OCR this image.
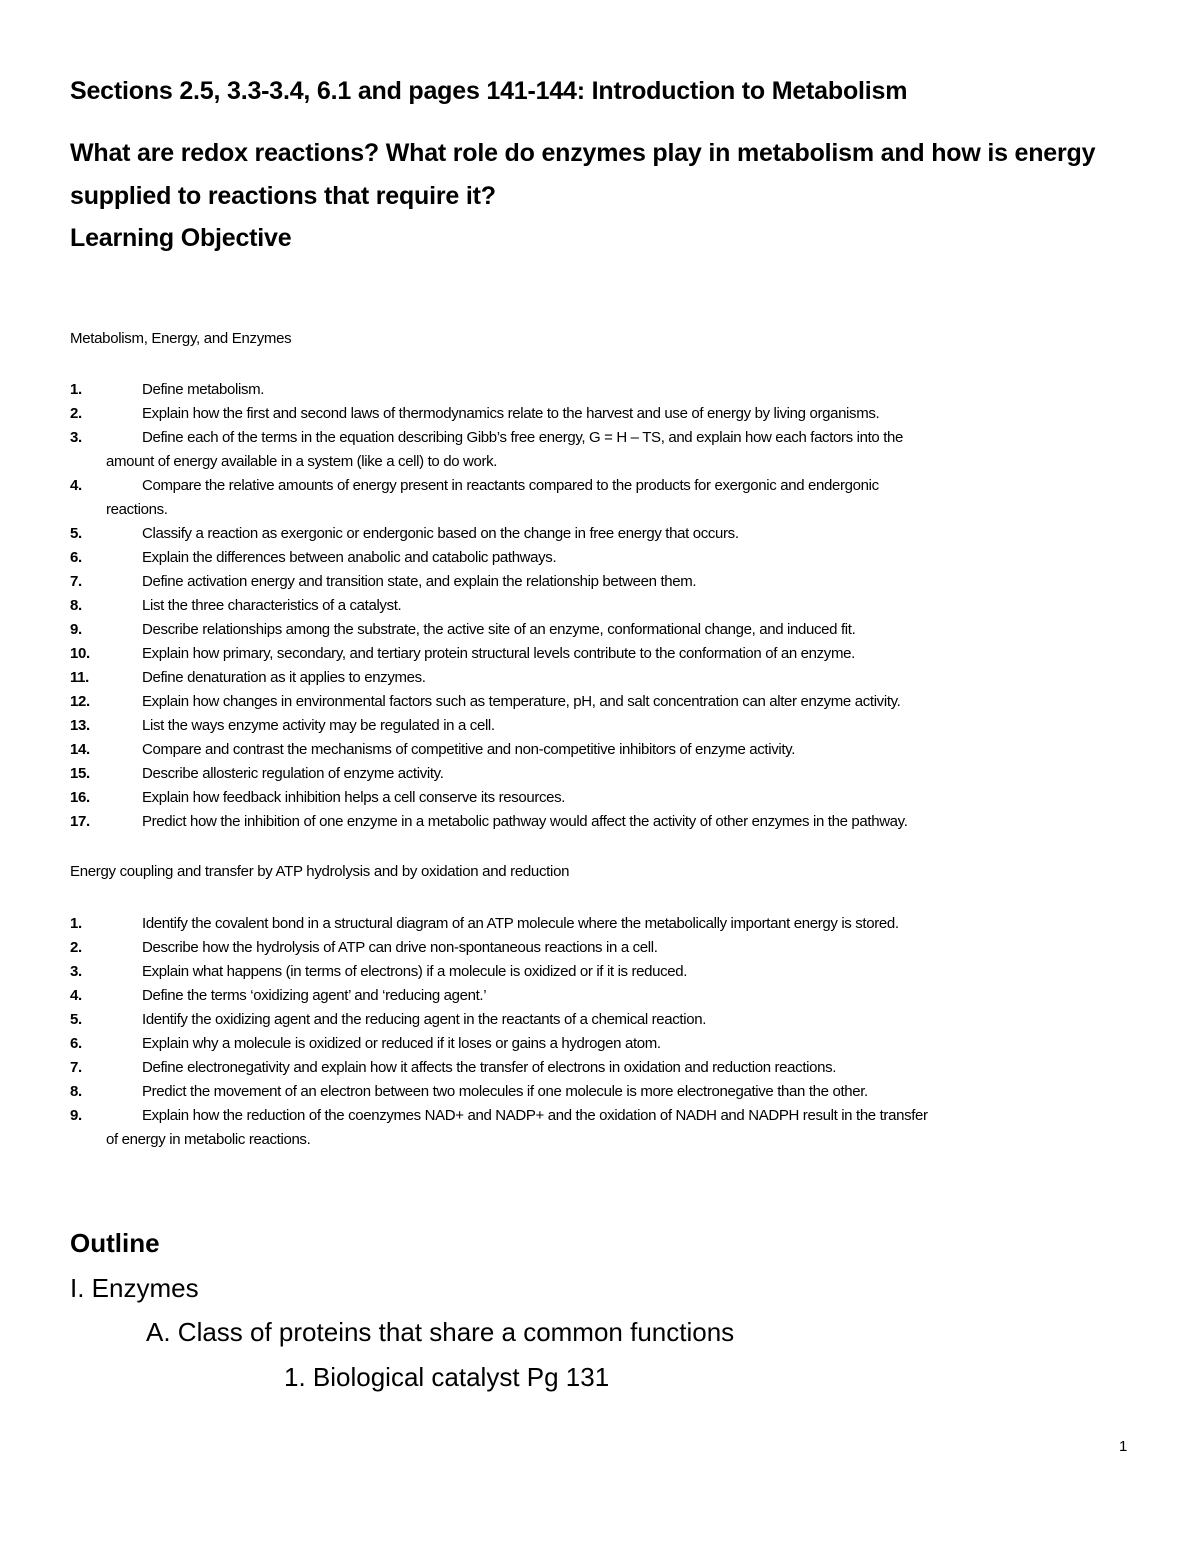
Sections 2.5, 3.3-3.4, 6.1 and pages 141-144: Introduction to Metabolism
What are redox reactions? What role do enzymes play in metabolism and how is energy supplied to reactions that require it?
Learning Objective
Metabolism, Energy, and Enzymes
1.	Define metabolism.
2.	Explain how the first and second laws of thermodynamics relate to the harvest and use of energy by living organisms.
3.	Define each of the terms in the equation describing Gibb’s free energy, G = H – TS, and explain how each factors into the
amount of energy available in a system (like a cell) to do work.
4.	Compare the relative amounts of energy present in reactants compared to the products for exergonic and endergonic
reactions.
5.	Classify a reaction as exergonic or endergonic based on the change in free energy that occurs.
6.	Explain the differences between anabolic and catabolic pathways.
7.	Define activation energy and transition state, and explain the relationship between them.
8.	List the three characteristics of a catalyst.
9.	Describe relationships among the substrate, the active site of an enzyme, conformational change, and induced fit.
10.	Explain how primary, secondary, and tertiary protein structural levels contribute to the conformation of an enzyme.
11.	Define denaturation as it applies to enzymes.
12.	Explain how changes in environmental factors such as temperature, pH, and salt concentration can alter enzyme activity.
13.	List the ways enzyme activity may be regulated in a cell.
14.	Compare and contrast the mechanisms of competitive and non-competitive inhibitors of enzyme activity.
15.	Describe allosteric regulation of enzyme activity.
16.	Explain how feedback inhibition helps a cell conserve its resources.
17.	Predict how the inhibition of one enzyme in a metabolic pathway would affect the activity of other enzymes in the pathway.
Energy coupling and transfer by ATP hydrolysis and by oxidation and reduction
1.	Identify the covalent bond in a structural diagram of an ATP molecule where the metabolically important energy is stored.
2.	Describe how the hydrolysis of ATP can drive non-spontaneous reactions in a cell.
3.	Explain what happens (in terms of electrons) if a molecule is oxidized or if it is reduced.
4.	Define the terms ‘oxidizing agent’ and ‘reducing agent.’
5.	Identify the oxidizing agent and the reducing agent in the reactants of a chemical reaction.
6.	Explain why a molecule is oxidized or reduced if it loses or gains a hydrogen atom.
7.	Define electronegativity and explain how it affects the transfer of electrons in oxidation and reduction reactions.
8.	Predict the movement of an electron between two molecules if one molecule is more electronegative than the other.
9.	Explain how the reduction of the coenzymes NAD+ and NADP+ and the oxidation of NADH and NADPH result in the transfer
of energy in metabolic reactions.
Outline
I. Enzymes
A. Class of proteins that share a common functions
1. Biological catalyst Pg 131
1
